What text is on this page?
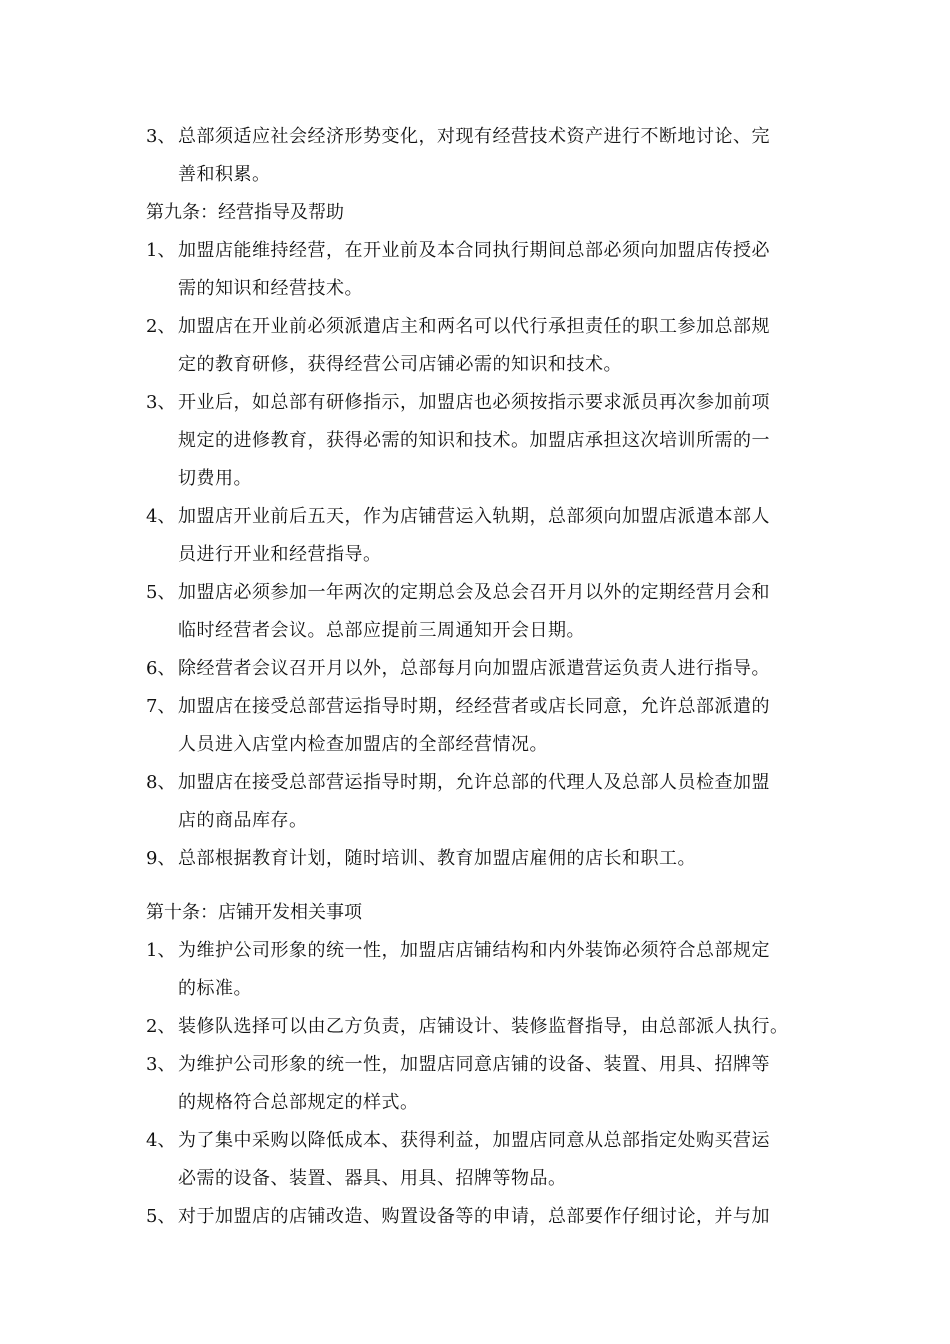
3、 总部须适应社会经济形势变化，对现有经营技术资产进行不断地讨论、完
善和积累。
第九条：经营指导及帮助
1、 加盟店能维持经营，在开业前及本合同执行期间总部必须向加盟店传授必
需的知识和经营技术。
2、 加盟店在开业前必须派遣店主和两名可以代行承担责任的职工参加总部规
定的教育研修，获得经营公司店铺必需的知识和技术。
3、 开业后，如总部有研修指示，加盟店也必须按指示要求派员再次参加前项
规定的进修教育，获得必需的知识和技术。加盟店承担这次培训所需的一
切费用。
4、 加盟店开业前后五天，作为店铺营运入轨期，总部须向加盟店派遣本部人
员进行开业和经营指导。
5、 加盟店必须参加一年两次的定期总会及总会召开月以外的定期经营月会和
临时经营者会议。总部应提前三周通知开会日期。
6、 除经营者会议召开月以外，总部每月向加盟店派遣营运负责人进行指导。
7、 加盟店在接受总部营运指导时期，经经营者或店长同意，允许总部派遣的
人员进入店堂内检查加盟店的全部经营情况。
8、 加盟店在接受总部营运指导时期，允许总部的代理人及总部人员检查加盟
店的商品库存。
9、 总部根据教育计划，随时培训、教育加盟店雇佣的店长和职工。
第十条：店铺开发相关事项
1、 为维护公司形象的统一性，加盟店店铺结构和内外装饰必须符合总部规定
的标准。
2、 装修队选择可以由乙方负责，店铺设计、装修监督指导，由总部派人执行。
3、 为维护公司形象的统一性，加盟店同意店铺的设备、装置、用具、招牌等
的规格符合总部规定的样式。
4、 为了集中采购以降低成本、获得利益，加盟店同意从总部指定处购买营运
必需的设备、装置、器具、用具、招牌等物品。
5、 对于加盟店的店铺改造、购置设备等的申请，总部要作仔细讨论，并与加
